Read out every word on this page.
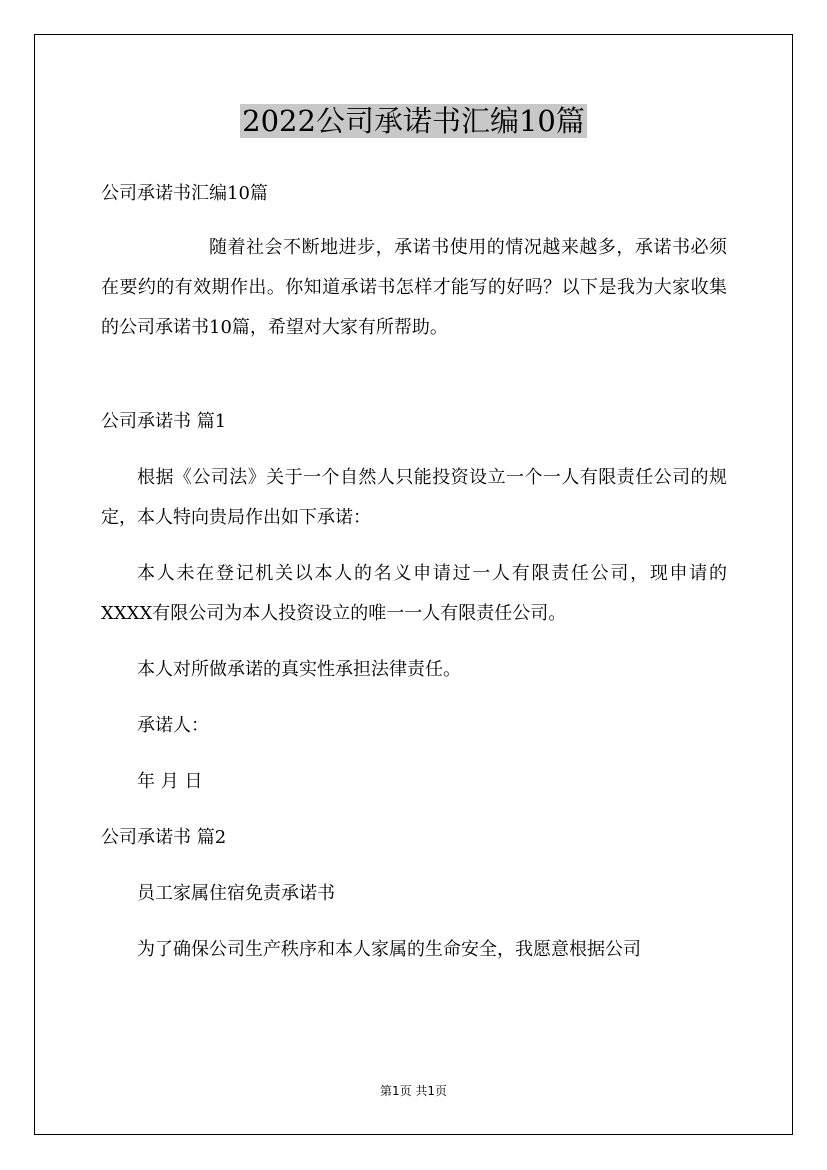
2022公司承诺书汇编10篇

公司承诺书汇编10篇

随着社会不断地进步，承诺书使用的情况越来越多，承诺书必须在要约的有效期作出。你知道承诺书怎样才能写的好吗？以下是我为大家收集的公司承诺书10篇，希望对大家有所帮助。

公司承诺书 篇1

根据《公司法》关于一个自然人只能投资设立一个一人有限责任公司的规定，本人特向贵局作出如下承诺：

本人未在登记机关以本人的名义申请过一人有限责任公司，现申请的XXXX有限公司为本人投资设立的唯一一人有限责任公司。

本人对所做承诺的真实性承担法律责任。

承诺人：

年 月 日

公司承诺书 篇2

员工家属住宿免责承诺书

为了确保公司生产秩序和本人家属的生命安全，我愿意根据公司

第1页 共1页
